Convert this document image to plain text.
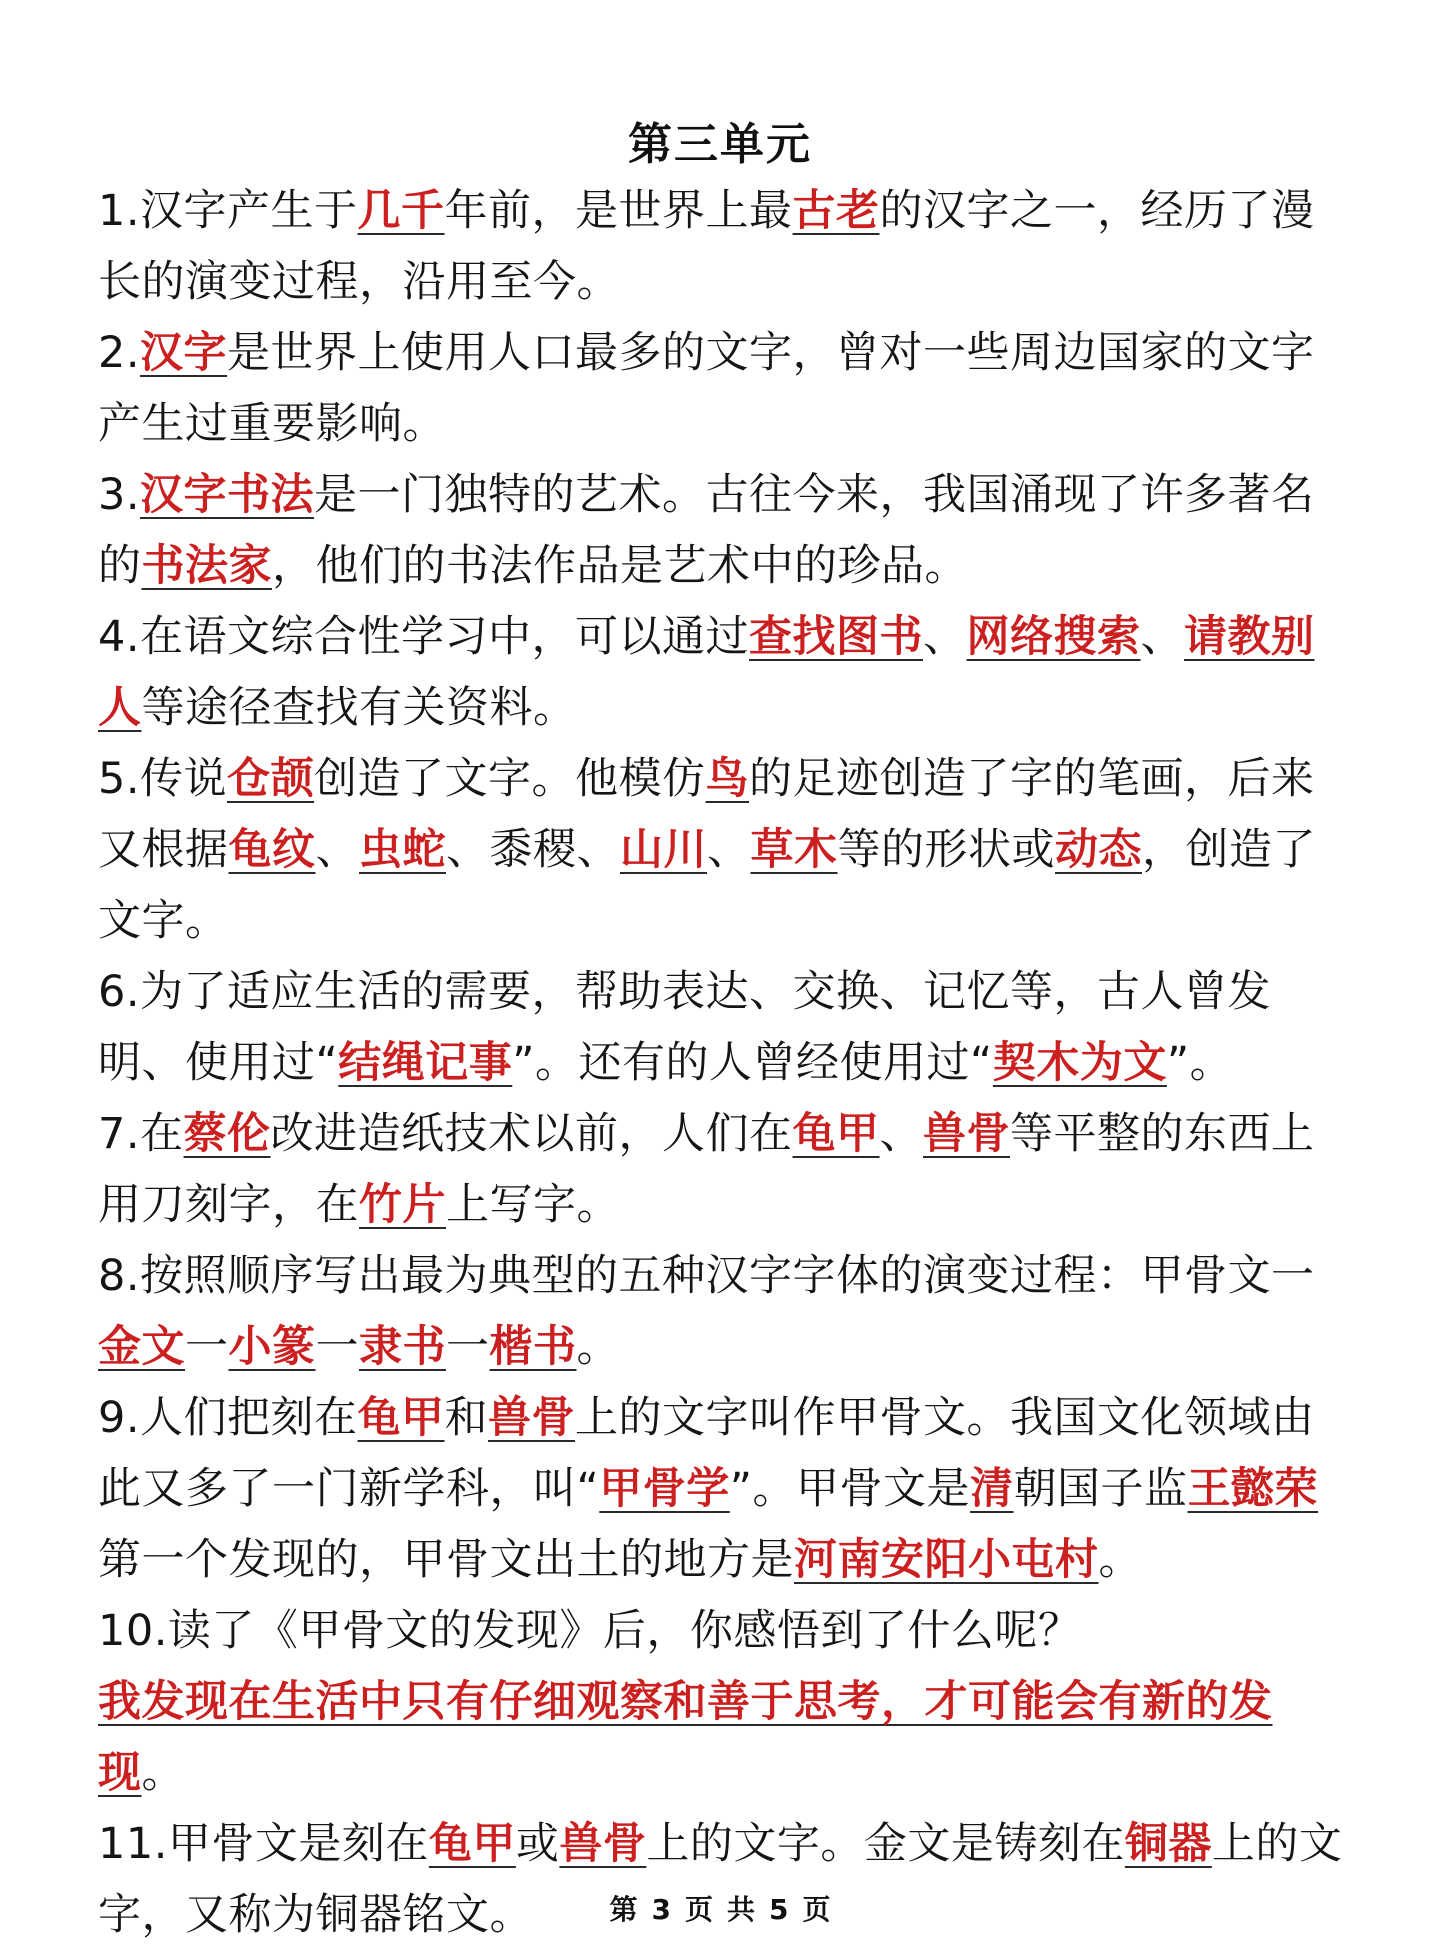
第三单元
1.汉字产生于几千年前，是世界上最古老的汉字之一，经历了漫长的演变过程，沿用至今。
2.汉字是世界上使用人口最多的文字，曾对一些周边国家的文字产生过重要影响。
3.汉字书法是一门独特的艺术。古往今来，我国涌现了许多著名的书法家，他们的书法作品是艺术中的珍品。
4.在语文综合性学习中，可以通过查找图书、网络搜索、请教别人等途径查找有关资料。
5.传说仓颉创造了文字。他模仿鸟的足迹创造了字的笔画，后来又根据龟纹、虫蛇、黍稷、山川、草木等的形状或动态，创造了文字。
6.为了适应生活的需要，帮助表达、交换、记忆等，古人曾发明、使用过“结绳记事”。还有的人曾经使用过“契木为文”。
7.在蔡伦改进造纸技术以前，人们在龟甲、兽骨等平整的东西上用刀刻字，在竹片上写字。
8.按照顺序写出最为典型的五种汉字字体的演变过程：甲骨文一金文一小篆一隶书一楷书。
9.人们把刻在龟甲和兽骨上的文字叫作甲骨文。我国文化领域由此又多了一门新学科，叫“甲骨学”。甲骨文是清朝国子监王懿荣第一个发现的，甲骨文出土的地方是河南安阳小屯村。
10.读了《甲骨文的发现》后，你感悟到了什么呢？
我发现在生活中只有仔细观察和善于思考，才可能会有新的发现。
11.甲骨文是刻在龟甲或兽骨上的文字。金文是铸刻在铜器上的文字，又称为铜器铭文。	第 3 页 共 5 页
